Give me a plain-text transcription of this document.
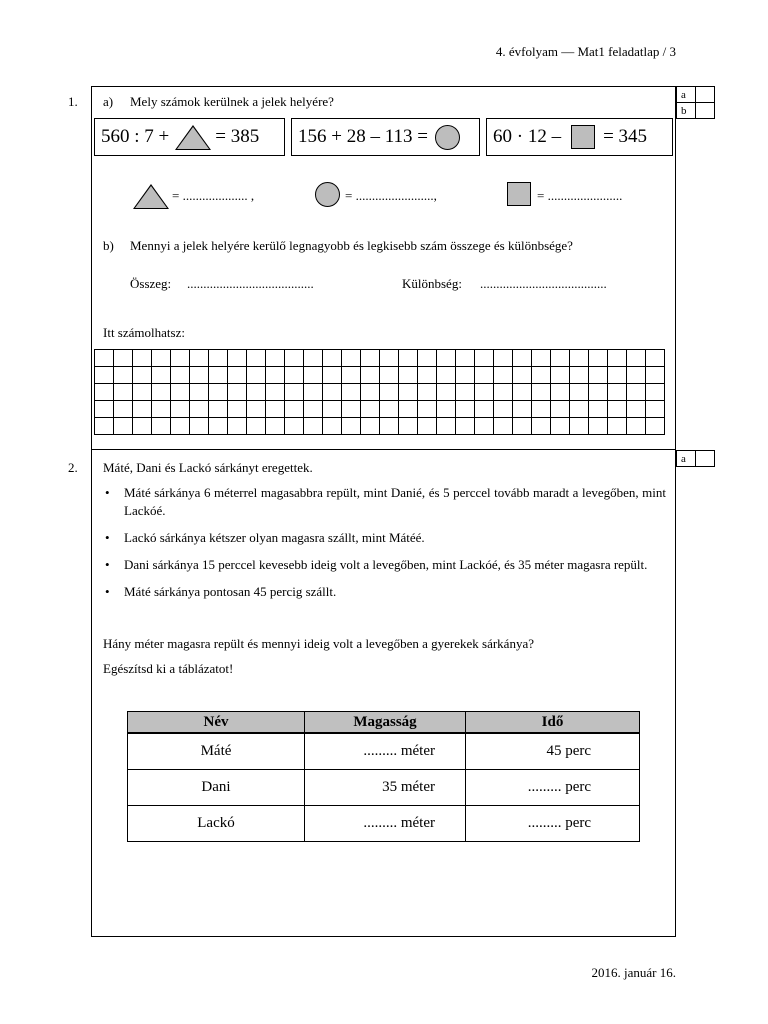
4. évfolyam — Mat1 feladatlap / 3
1.	a	
b	
a) Mely számok kerülnek a jelek helyére?
560 : 7 + = 385 156 + 28 – 113 =	60 · 12 – = 345
= .................... ,	= ........................,	= .......................
b) Mennyi a jelek helyére kerülő legnagyobb és legkisebb szám összege és különbsége?
Összeg: .......................................	Különbség: .......................................
Itt számolhatsz:

2.
a	
Máté, Dani és Lackó sárkányt eregettek.
• Máté sárkánya 6 méterrel magasabbra repült, mint Danié, és 5 perccel tovább maradt a levegőben, mint Lackóé.
• Lackó sárkánya kétszer olyan magasra szállt, mint Mátéé.
• Dani sárkánya 15 perccel kevesebb ideig volt a levegőben, mint Lackóé, és 35 méter magasra repült.
• Máté sárkánya pontosan 45 percig szállt.
Hány méter magasra repült és mennyi ideig volt a levegőben a gyerekek sárkánya?
Egészítsd ki a táblázatot!
Név	Magasság	Idő
Máté	......... méter	45 perc
Dani	35 méter	......... perc
Lackó	......... méter	......... perc
2016. január 16.
